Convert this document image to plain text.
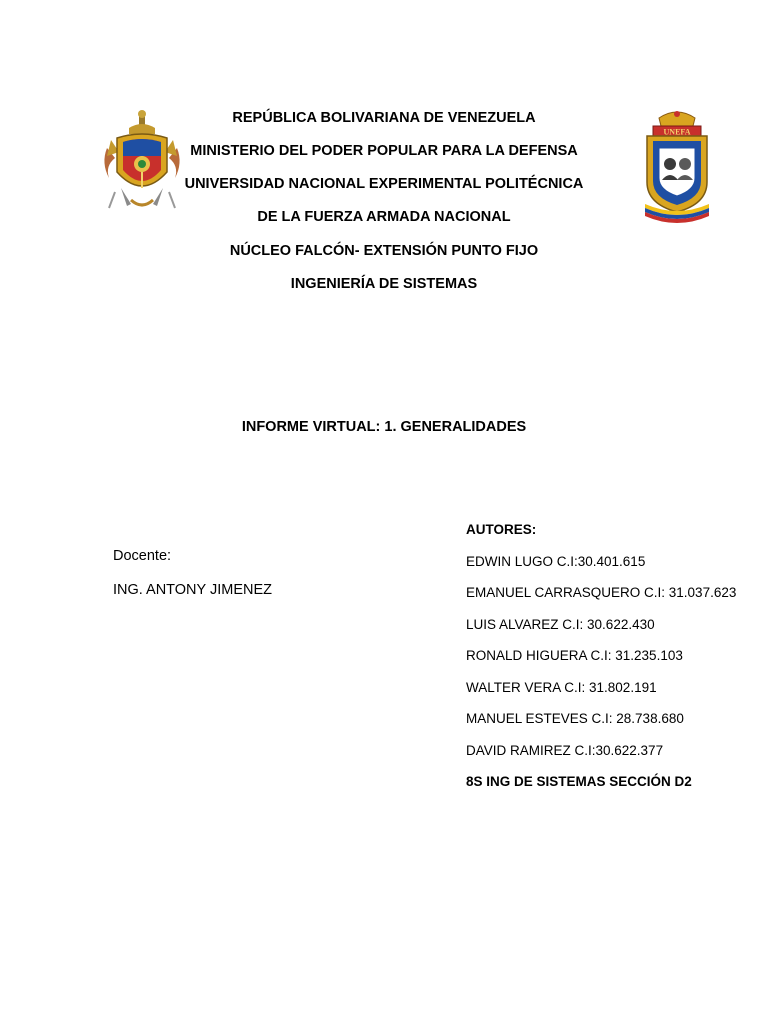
UNEFA

REPÚBLICA BOLIVARIANA DE VENEZUELA

MINISTERIO DEL PODER POPULAR PARA LA DEFENSA

UNIVERSIDAD NACIONAL EXPERIMENTAL POLITÉCNICA

DE LA FUERZA ARMADA NACIONAL

NÚCLEO FALCÓN- EXTENSIÓN PUNTO FIJO

INGENIERÍA DE SISTEMAS

INFORME VIRTUAL: 1. GENERALIDADES

Docente:
ING. ANTONY JIMENEZ

AUTORES:

EDWIN LUGO C.I:30.401.615
EMANUEL CARRASQUERO C.I: 31.037.623
LUIS ALVAREZ C.I: 30.622.430
RONALD HIGUERA C.I: 31.235.103
WALTER VERA C.I: 31.802.191
MANUEL ESTEVES C.I: 28.738.680
DAVID RAMIREZ C.I:30.622.377
8S ING DE SISTEMAS SECCIÓN D2
